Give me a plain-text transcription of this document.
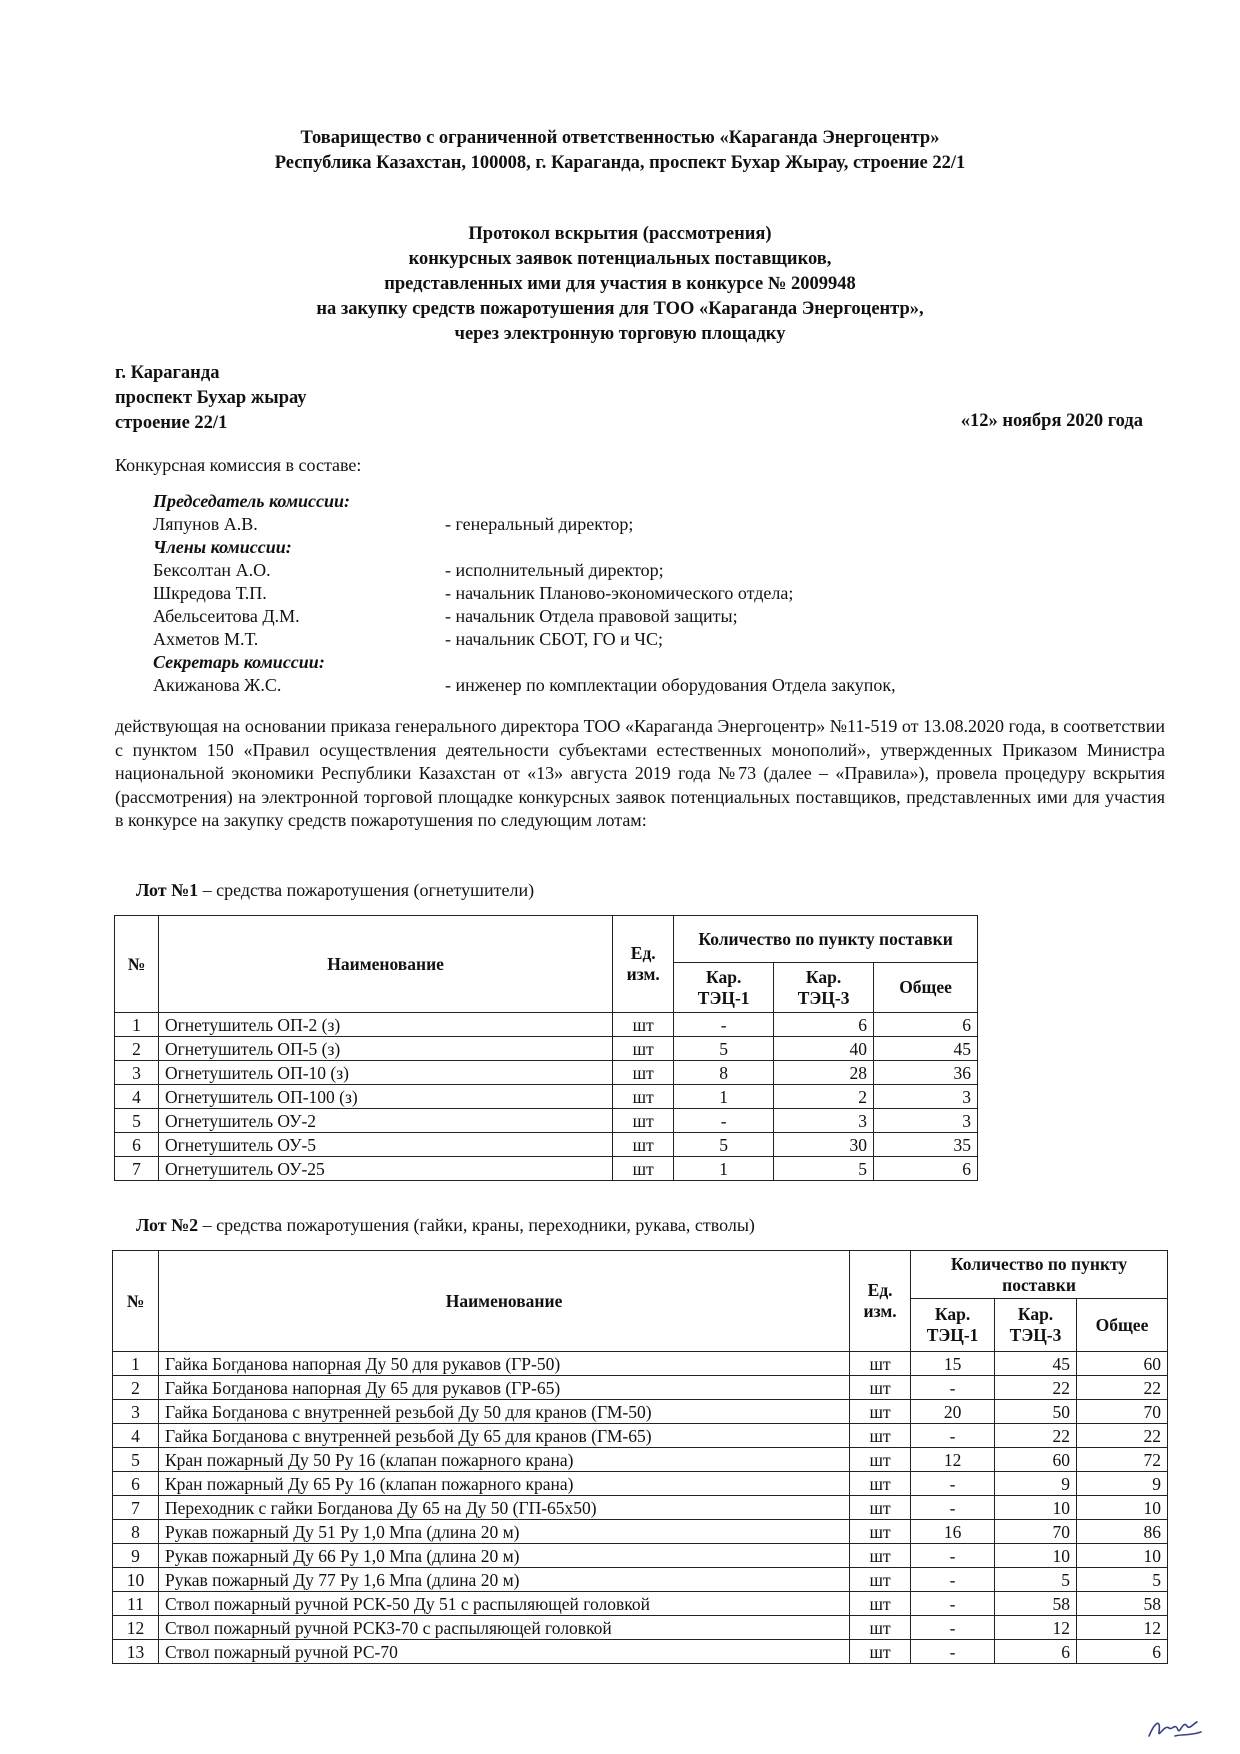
Товарищество с ограниченной ответственностью «Караганда Энергоцентр»
Республика Казахстан, 100008, г. Караганда, проспект Бухар Жырау, строение 22/1
Протокол вскрытия (рассмотрения)
конкурсных заявок потенциальных поставщиков,
представленных ими для участия в конкурсе № 2009948
на закупку средств пожаротушения для ТОО «Караганда Энергоцентр»,
через электронную торговую площадку
г. Караганда
проспект Бухар жырау
строение 22/1	«12» ноября 2020 года
Конкурсная комиссия в составе:
Председатель комиссии:
Ляпунов А.В.	- генеральный директор;
Члены комиссии:
Бексолтан А.О.	- исполнительный директор;
Шкредова Т.П.	- начальник Планово-экономического отдела;
Абельсеитова Д.М.	- начальник Отдела правовой защиты;
Ахметов М.Т.	- начальник СБОТ, ГО и ЧС;
Секретарь комиссии:
Акижанова Ж.С.	- инженер по комплектации оборудования Отдела закупок,
действующая на основании приказа генерального директора ТОО «Караганда Энергоцентр» №11-519 от 13.08.2020 года, в соответствии с пунктом 150 «Правил осуществления деятельности субъектами естественных монополий», утвержденных Приказом Министра национальной экономики Республики Казахстан от «13» августа 2019 года №73 (далее – «Правила»), провела процедуру вскрытия (рассмотрения) на электронной торговой площадке конкурсных заявок потенциальных поставщиков, представленных ими для участия в конкурсе на закупку средств пожаротушения по следующим лотам:
Лот №1 – средства пожаротушения (огнетушители)
№	Наименование	Ед. изм.	Количество по пункту поставки		
			Кар. ТЭЦ-1	Кар. ТЭЦ-3	Общее
1	Огнетушитель ОП-2 (з)	шт	-	6	6
2	Огнетушитель ОП-5 (з)	шт	5	40	45
3	Огнетушитель ОП-10 (з)	шт	8	28	36
4	Огнетушитель ОП-100 (з)	шт	1	2	3
5	Огнетушитель ОУ-2	шт	-	3	3
6	Огнетушитель ОУ-5	шт	5	30	35
7	Огнетушитель ОУ-25	шт	1	5	6
Лот №2 – средства пожаротушения (гайки, краны, переходники, рукава, стволы)
№	Наименование	Ед. изм.	Количество по пункту поставки		
			Кар. ТЭЦ-1	Кар. ТЭЦ-3	Общее
1	Гайка Богданова напорная Ду 50 для рукавов (ГР-50)	шт	15	45	60
2	Гайка Богданова напорная Ду 65 для рукавов (ГР-65)	шт	-	22	22
3	Гайка Богданова с внутренней резьбой Ду 50 для кранов (ГМ-50)	шт	20	50	70
4	Гайка Богданова с внутренней резьбой Ду 65 для кранов (ГМ-65)	шт	-	22	22
5	Кран пожарный Ду 50 Ру 16 (клапан пожарного крана)	шт	12	60	72
6	Кран пожарный Ду 65 Ру 16 (клапан пожарного крана)	шт	-	9	9
7	Переходник с гайки Богданова Ду 65 на Ду 50 (ГП-65х50)	шт	-	10	10
8	Рукав пожарный Ду 51 Ру 1,0 Мпа (длина 20 м)	шт	16	70	86
9	Рукав пожарный Ду 66 Ру 1,0 Мпа (длина 20 м)	шт	-	10	10
10	Рукав пожарный Ду 77 Ру 1,6 Мпа (длина 20 м)	шт	-	5	5
11	Ствол пожарный ручной РСК-50 Ду 51 с распыляющей головкой	шт	-	58	58
12	Ствол пожарный ручной РСКЗ-70 с распыляющей головкой	шт	-	12	12
13	Ствол пожарный ручной РС-70	шт	-	6	6
